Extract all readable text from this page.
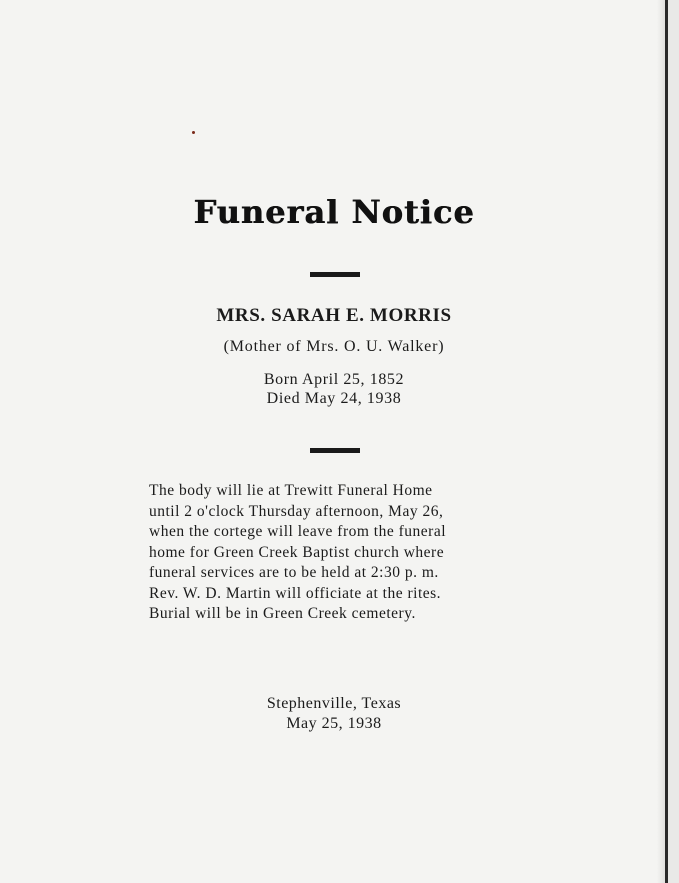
Funeral Notice
MRS. SARAH E. MORRIS
(Mother of Mrs. O. U. Walker)
Born April 25, 1852
Died May 24, 1938
The body will lie at Trewitt Funeral Home
until 2 o'clock Thursday afternoon, May 26,
when the cortege will leave from the funeral
home for Green Creek Baptist church where
funeral services are to be held at 2:30 p. m.
Rev. W. D. Martin will officiate at the rites.
Burial will be in Green Creek cemetery.
Stephenville, Texas
May 25, 1938
